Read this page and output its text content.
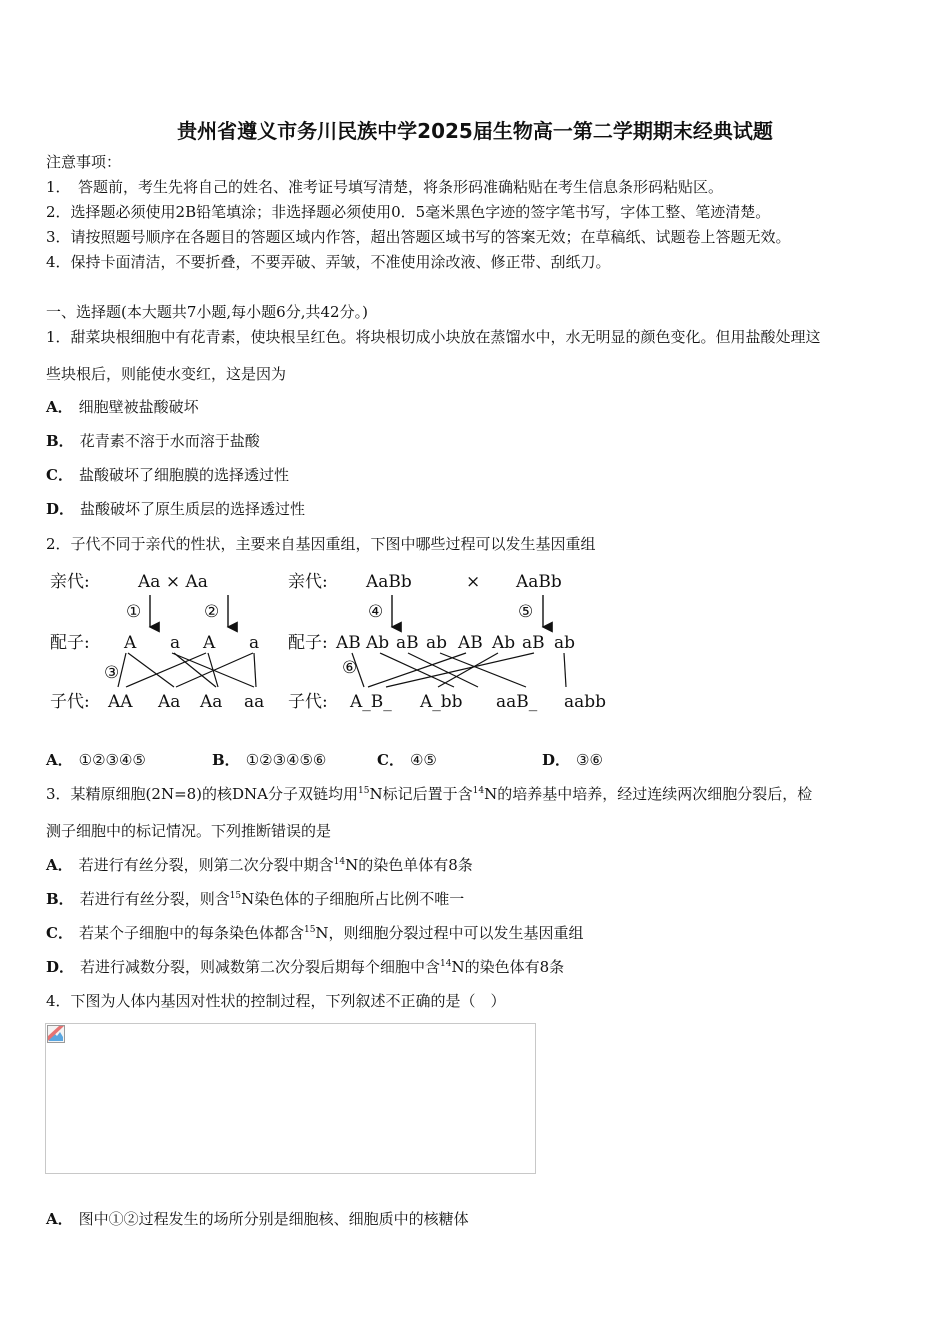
贵州省遵义市务川民族中学2025届生物高一第二学期期末经典试题
注意事项：
1．　答题前，考生先将自己的姓名、准考证号填写清楚，将条形码准确粘贴在考生信息条形码粘贴区。
2．选择题必须使用2B铅笔填涂；非选择题必须使用0．5毫米黑色字迹的签字笔书写，字体工整、笔迹清楚。
3．请按照题号顺序在各题目的答题区域内作答，超出答题区域书写的答案无效；在草稿纸、试题卷上答题无效。
4．保持卡面清洁，不要折叠，不要弄破、弄皱，不准使用涂改液、修正带、刮纸刀。
一、选择题(本大题共7小题,每小题6分,共42分。)
1．甜菜块根细胞中有花青素，使块根呈红色。将块根切成小块放在蒸馏水中，水无明显的颜色变化。但用盐酸处理这
些块根后，则能使水变红，这是因为
A． 细胞壁被盐酸破坏
B． 花青素不溶于水而溶于盐酸
C． 盐酸破坏了细胞膜的选择透过性
D． 盐酸破坏了原生质层的选择透过性
2．子代不同于亲代的性状，主要来自基因重组，下图中哪些过程可以发生基因重组
亲代:	Aa × Aa
①	②
配子: A a A a
③
子代: AA Aa Aa aa
亲代: AaBb	× AaBb
④	⑤
配子: AB Ab aB ab AB Ab aB ab
⑥
子代: A_B_ A_bb aaB_ aabb
A． ①②③④⑤	B． ①②③④⑤⑥	C． ④⑤	D． ③⑥
3．某精原细胞(2N=8)的核DNA分子双链均用$^{15}$N标记后置于含$^{14}$N的培养基中培养，经过连续两次细胞分裂后，检
测子细胞中的标记情况。下列推断错误的是
A． 若进行有丝分裂，则第二次分裂中期含$^{14}$N的染色单体有8条
B． 若进行有丝分裂，则含$^{15}$N染色体的子细胞所占比例不唯一
C． 若某个子细胞中的每条染色体都含$^{15}$N，则细胞分裂过程中可以发生基因重组
D． 若进行减数分裂，则减数第二次分裂后期每个细胞中含$^{14}$N的染色体有8条
4．下图为人体内基因对性状的控制过程，下列叙述不正确的是（　）
A． 图中①②过程发生的场所分别是细胞核、细胞质中的核糖体
